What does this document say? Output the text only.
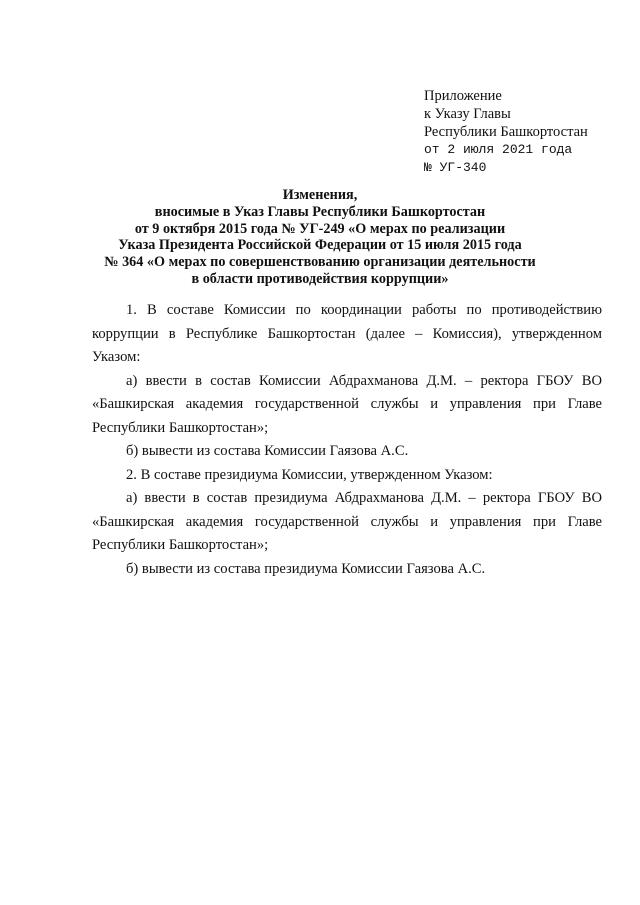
Приложение
к Указу Главы
Республики Башкортостан
от 2 июля 2021 года
№ УГ-340
Изменения,
вносимые в Указ Главы Республики Башкортостан
от 9 октября 2015 года № УГ-249 «О мерах по реализации
Указа Президента Российской Федерации от 15 июля 2015 года
№ 364 «О мерах по совершенствованию организации деятельности
в области противодействия коррупции»
1. В составе Комиссии по координации работы по противодействию
коррупции в Республике Башкортостан (далее – Комиссия), утвержденном
Указом:
а) ввести в состав Комиссии Абдрахманова Д.М. – ректора ГБОУ ВО
«Башкирская академия государственной службы и управления при Главе
Республики Башкортостан»;
б) вывести из состава Комиссии Гаязова А.С.
2. В составе президиума Комиссии, утвержденном Указом:
а) ввести в состав президиума Абдрахманова Д.М. – ректора ГБОУ ВО
«Башкирская академия государственной службы и управления при Главе
Республики Башкортостан»;
б) вывести из состава президиума Комиссии Гаязова А.С.
